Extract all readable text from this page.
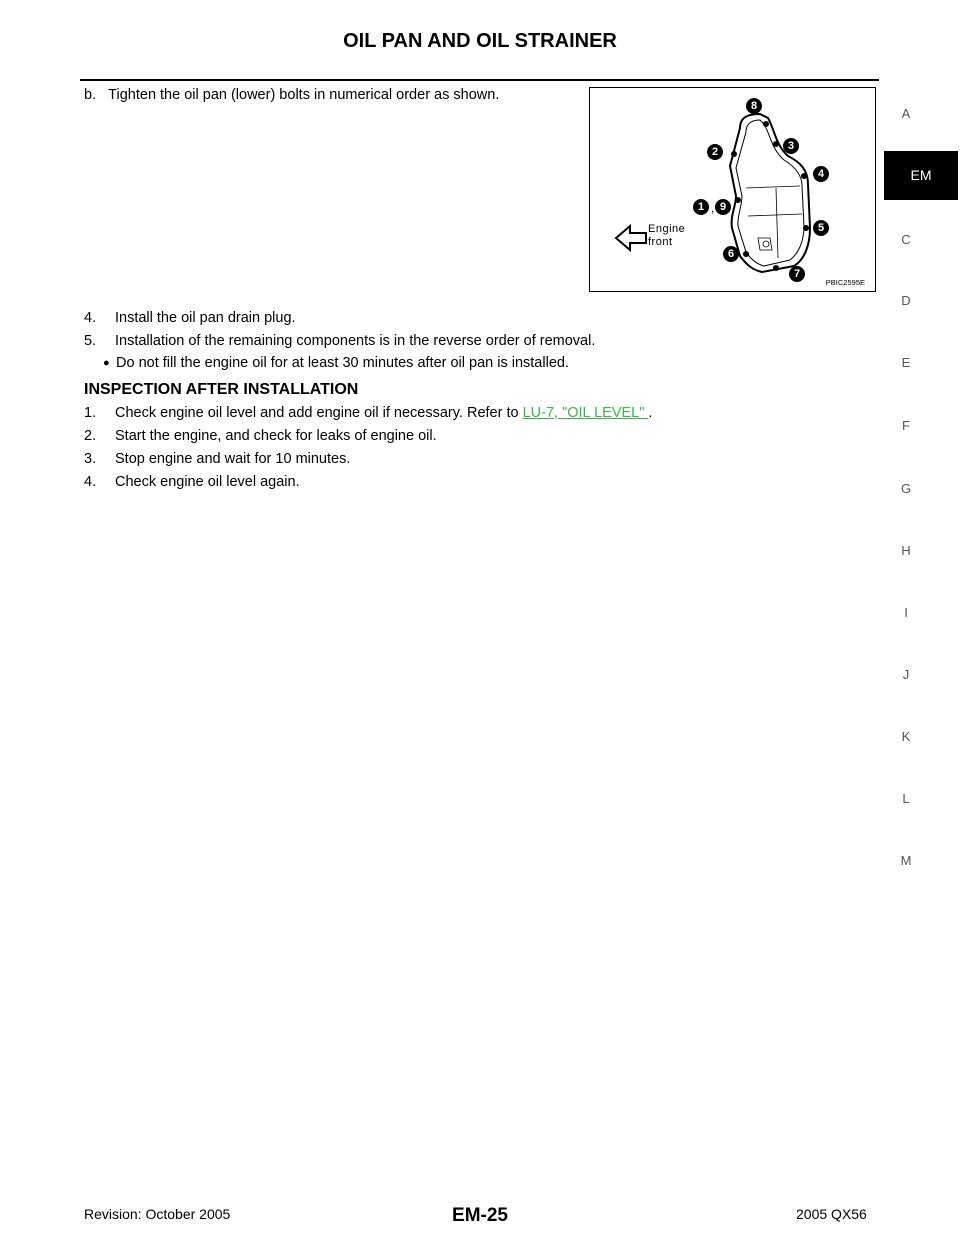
OIL PAN AND OIL STRAINER
b.   Tighten the oil pan (lower) bolts in numerical order as shown.
8
2	3
4
1 , 9
5
6
7
Engine
front
PBIC2595E
4. Install the oil pan drain plug.
5. Installation of the remaining components is in the reverse order of removal.
● Do not fill the engine oil for at least 30 minutes after oil pan is installed.
INSPECTION AFTER INSTALLATION
1. Check engine oil level and add engine oil if necessary. Refer to LU-7, "OIL LEVEL" .
2. Start the engine, and check for leaks of engine oil.
3. Stop engine and wait for 10 minutes.
4. Check engine oil level again.
A
EM
C
D
E
F
G
H
I
J
K
L
M
Revision: October 2005	EM-25	2005 QX56
